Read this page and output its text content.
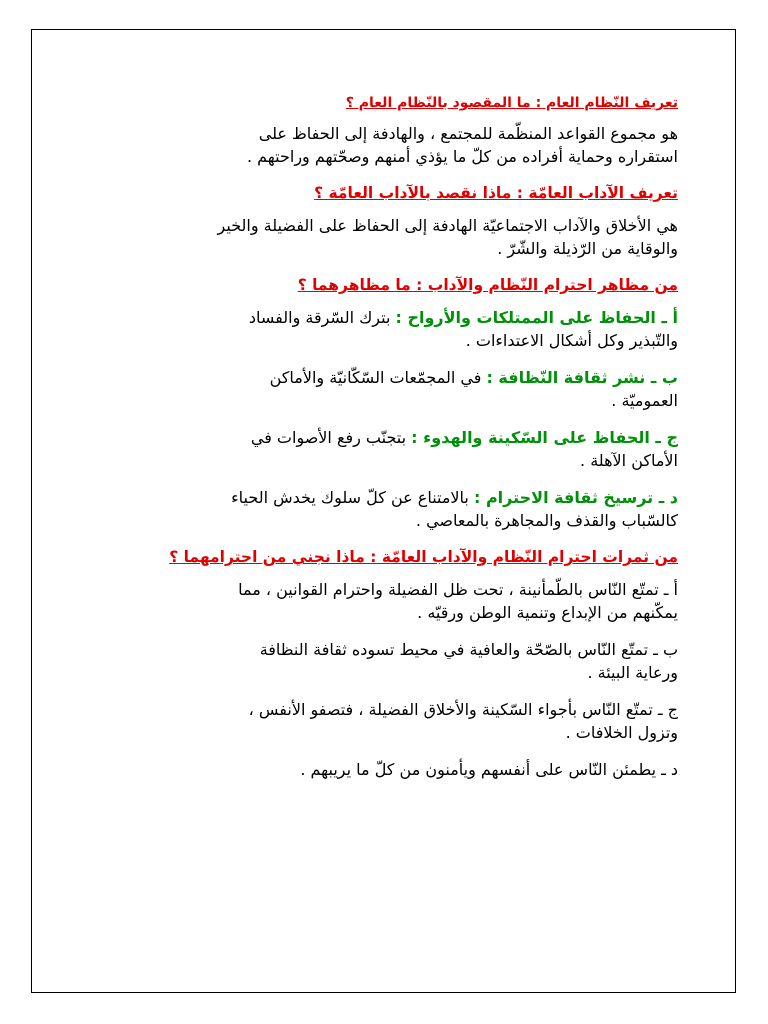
تعريف النّظام العام : ما المقصود بالنّظام العام ؟
هو مجموع القواعد المنظّمة للمجتمع ، والهادفة إلى الحفاظ على
استقراره وحماية أفراده من كلّ ما يؤذي أمنهم وصحّتهم وراحتهم .
تعريف الآداب العامّة : ماذا نقصد بالآداب العامّة ؟
هي الأخلاق والآداب الاجتماعيّة الهادفة إلى الحفاظ على الفضيلة والخير
والوقاية من الرّذيلة والشّرّ .
من مظاهر احترام النّظام والآداب : ما مظاهرهما ؟
أ ـ الحفاظ على الممتلكات والأرواح : بترك السّرقة والفساد
والتّبذير وكل أشكال الاعتداءات .
ب ـ نشر ثقافة النّظافة : في المجمّعات السّكّانيّة والأماكن
العموميّة .
ج ـ الحفاظ على السّكينة والهدوء : بتجنّب رفع الأصوات في
الأماكن الآهلة .
د ـ ترسيخ ثقافة الاحترام : بالامتناع عن كلّ سلوك يخدش الحياء
كالسّباب والقذف والمجاهرة بالمعاصي .
من ثمرات احترام النّظام والآداب العامّة : ماذا نجني من احترامهما ؟
أ ـ تمتّع النّاس بالطّمأنينة ، تحت ظل الفضيلة واحترام القوانين ، مما
يمكّنهم من الإبداع وتنمية الوطن ورقيّه .
ب ـ تمتّع النّاس بالصّحّة والعافية في محيط تسوده ثقافة النظافة
ورعاية البيئة .
ج ـ تمتّع النّاس بأجواء السّكينة والأخلاق الفضيلة ، فتصفو الأنفس ،
وتزول الخلافات .
د ـ يطمئن النّاس على أنفسهم ويأمنون من كلّ ما يريبهم .
